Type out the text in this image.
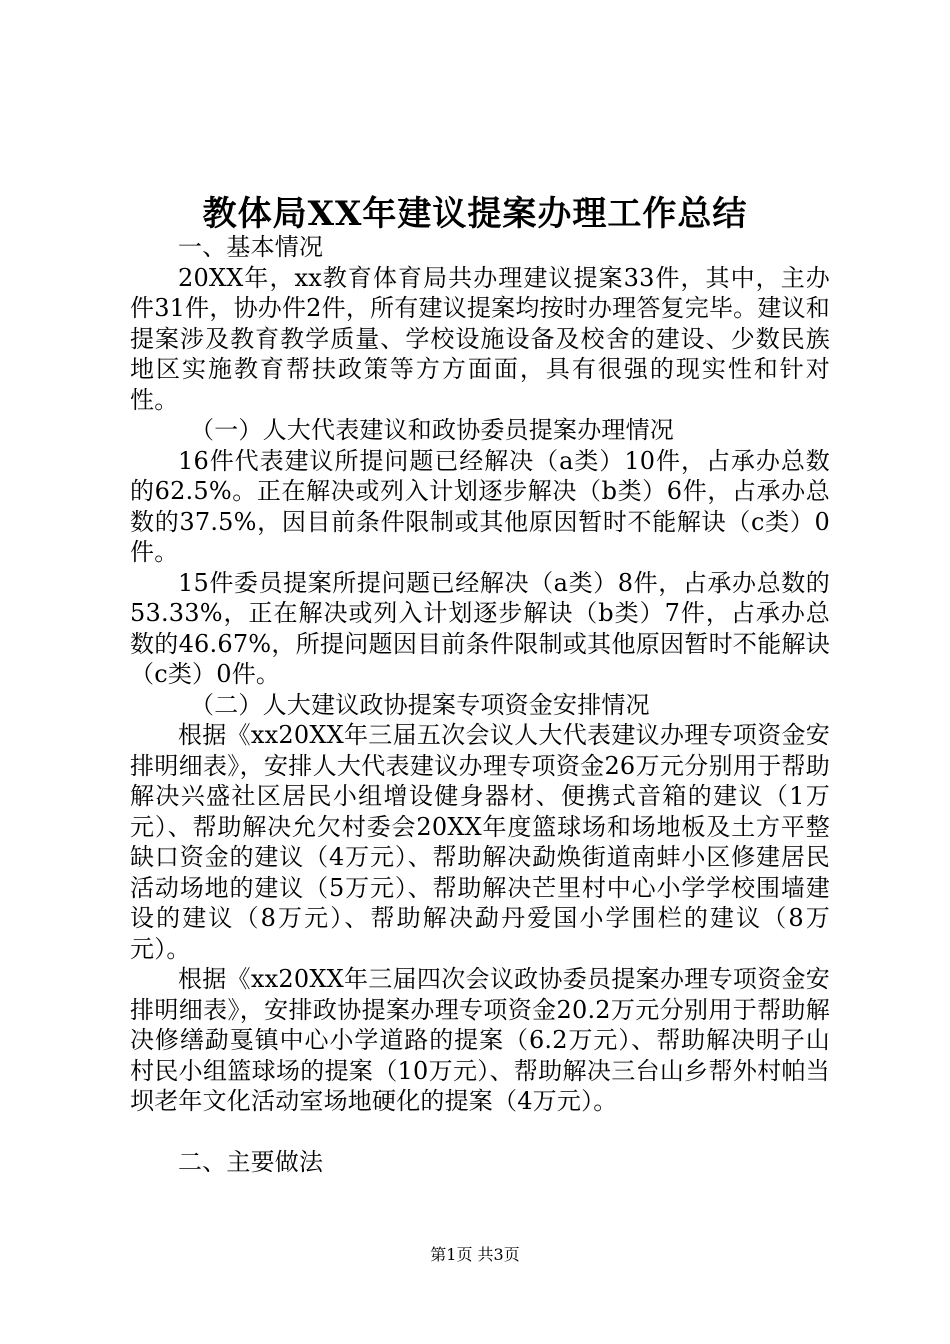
教体局XX年建议提案办理工作总结

一、基本情况

20XX年，xx教育体育局共办理建议提案33件，其中，主办件31件，协办件2件，所有建议提案均按时办理答复完毕。建议和提案涉及教育教学质量、学校设施设备及校舍的建设、少数民族地区实施教育帮扶政策等方方面面，具有很强的现实性和针对性。

（一）人大代表建议和政协委员提案办理情况

16件代表建议所提问题已经解决（a类）10件，占承办总数的62.5%。正在解决或列入计划逐步解决（b类）6件，占承办总数的37.5%，因目前条件限制或其他原因暂时不能解诀（c类）0件。

15件委员提案所提问题已经解决（a类）8件，占承办总数的53.33%，正在解决或列入计划逐步解诀（b类）7件，占承办总数的46.67%，所提问题因目前条件限制或其他原因暂时不能解诀（c类）0件。

（二）人大建议政协提案专项资金安排情况

根据《xx20XX年三届五次会议人大代表建议办理专项资金安排明细表》，安排人大代表建议办理专项资金26万元分别用于帮助解决兴盛社区居民小组增设健身器材、便携式音箱的建议（1万元）、帮助解决允欠村委会20XX年度篮球场和场地板及土方平整缺口资金的建议（4万元）、帮助解决勐焕街道南蚌小区修建居民活动场地的建议（5万元）、帮助解决芒里村中心小学学校围墙建设的建议（8万元）、帮助解决勐丹爱国小学围栏的建议（8万元）。

根据《xx20XX年三届四次会议政协委员提案办理专项资金安排明细表》，安排政协提案办理专项资金20.2万元分别用于帮助解决修缮勐戛镇中心小学道路的提案（6.2万元）、帮助解决明子山村民小组篮球场的提案（10万元）、帮助解决三台山乡帮外村帕当坝老年文化活动室场地硬化的提案（4万元）。

二、主要做法

第1页 共3页
